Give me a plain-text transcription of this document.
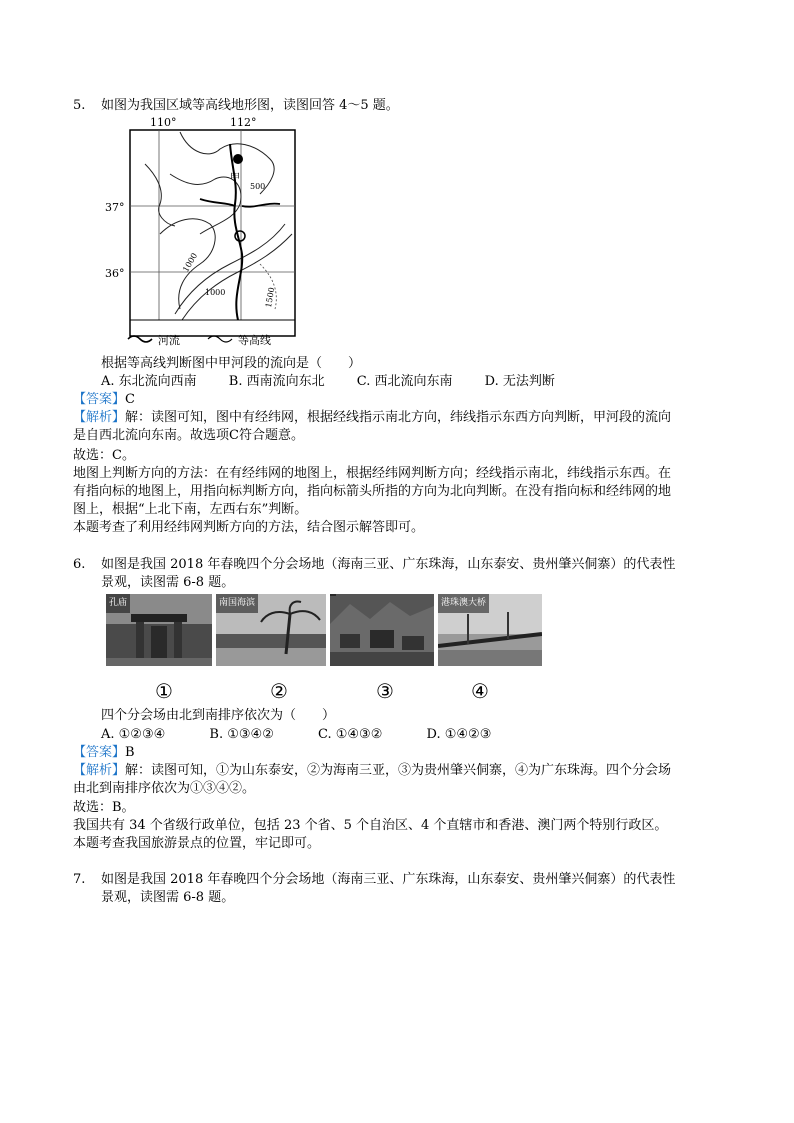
5. 如图为我国区域等高线地形图，读图回答 4～5 题。
110°	112°
37°
36°	1000
500
1000	1500
甲
河流	等高线
根据等高线判断图中甲河段的流向是（　　）
A. 东北流向西南 B. 西南流向东北 C. 西北流向东南 D. 无法判断
【答案】C
【解析】解：读图可知，图中有经纬网，根据经线指示南北方向，纬线指示东西方向判断，甲河段的流向
是自西北流向东南。故选项C符合题意。
故选：C。
地图上判断方向的方法：在有经纬网的地图上，根据经纬网判断方向；经线指示南北，纬线指示东西。在
有指向标的地图上，用指向标判断方向，指向标箭头所指的方向为北向判断。在没有指向标和经纬网的地
图上，根据“上北下南，左西右东”判断。
本题考查了利用经纬网判断方向的方法，结合图示解答即可。
6. 如图是我国 2018 年春晚四个分会场地（海南三亚、广东珠海，山东泰安、贵州肇兴侗寨）的代表性
景观，读图需 6-8 题。
孔庙	南国海滨	港珠澳大桥
①	②	③	④
四个分会场由北到南排序依次为（　　）
A. ①②③④	B. ①③④②	C. ①④③②	D. ①④②③
【答案】B
【解析】解：读图可知，①为山东泰安，②为海南三亚，③为贵州肇兴侗寨，④为广东珠海。四个分会场
由北到南排序依次为①③④②。
故选：B。
我国共有 34 个省级行政单位，包括 23 个省、5 个自治区、4 个直辖市和香港、澳门两个特别行政区。
本题考查我国旅游景点的位置，牢记即可。
7. 如图是我国 2018 年春晚四个分会场地（海南三亚、广东珠海，山东泰安、贵州肇兴侗寨）的代表性
景观，读图需 6-8 题。
